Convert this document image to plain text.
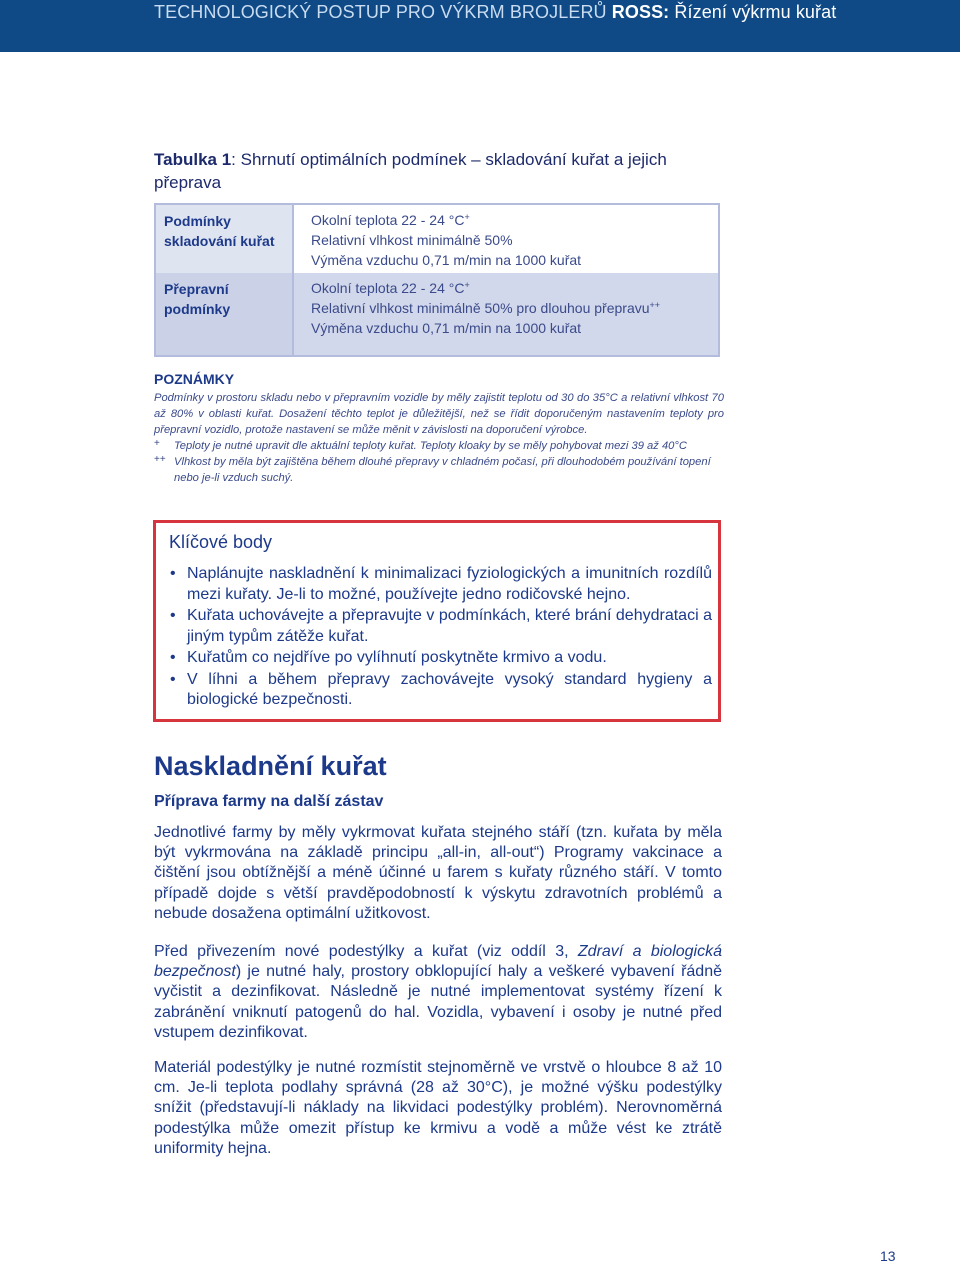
TECHNOLOGICKÝ POSTUP PRO VÝKRM BROJLERŮ ROSS: Řízení výkrmu kuřat
Tabulka 1: Shrnutí optimálních podmínek – skladování kuřat a jejich přeprava
Podmínky skladování kuřat
Okolní teplota 22 - 24 °C+
Relativní vlhkost minimálně 50%
Výměna vzduchu 0,71 m/min na 1000 kuřat
Přepravní podmínky
Okolní teplota 22 - 24 °C+
Relativní vlhkost minimálně 50% pro dlouhou přepravu++
Výměna vzduchu 0,71 m/min na 1000 kuřat
POZNÁMKY
Podmínky v prostoru skladu nebo v přepravním vozidle by měly zajistit teplotu od 30 do 35°C a relativní vlhkost 70 až 80% v oblasti kuřat. Dosažení těchto teplot je důležitější, než se řídit doporučeným nastavením teploty pro přepravní vozidlo, protože nastavení se může měnit v závislosti na doporučení výrobce.
+	Teploty je nutné upravit dle aktuální teploty kuřat. Teploty kloaky by se měly pohybovat mezi 39 až 40°C
++ Vlhkost by měla být zajištěna během dlouhé přepravy v chladném počasí, při dlouhodobém používání topení nebo je-li vzduch suchý.
Klíčové body
• Naplánujte naskladnění k minimalizaci fyziologických a imunitních rozdílů mezi kuřaty. Je-li to možné, používejte jedno rodičovské hejno.
• Kuřata uchovávejte a přepravujte v podmínkách, které brání dehydrataci a jiným typům zátěže kuřat.
• Kuřatům co nejdříve po vylíhnutí poskytněte krmivo a vodu.
• V líhni a během přepravy zachovávejte vysoký standard hygieny a biologické bezpečnosti.
Naskladnění kuřat
Příprava farmy na další zástav

Jednotlivé farmy by měly vykrmovat kuřata stejného stáří (tzn. kuřata by měla být vykrmována na základě principu „all-in, all-out“) Programy vakcinace a čištění jsou obtížnější a méně účinné u farem s kuřaty různého stáří. V tomto případě dojde s větší pravděpodobností k výskytu zdravotních problémů a nebude dosažena optimální užitkovost.

Před přivezením nové podestýlky a kuřat (viz oddíl 3, Zdraví a biologická bezpečnost) je nutné haly, prostory obklopující haly a veškeré vybavení řádně vyčistit a dezinfikovat. Následně je nutné implementovat systémy řízení k zabránění vniknutí patogenů do hal. Vozidla, vybavení i osoby je nutné před vstupem dezinfikovat.

Materiál podestýlky je nutné rozmístit stejnoměrně ve vrstvě o hloubce 8 až 10 cm. Je-li teplota podlahy správná (28 až 30°C), je možné výšku podestýlky snížit (představují-li náklady na likvidaci podestýlky problém). Nerovnoměrná podestýlka může omezit přístup ke krmivu a vodě a může vést ke ztrátě uniformity hejna.

13
